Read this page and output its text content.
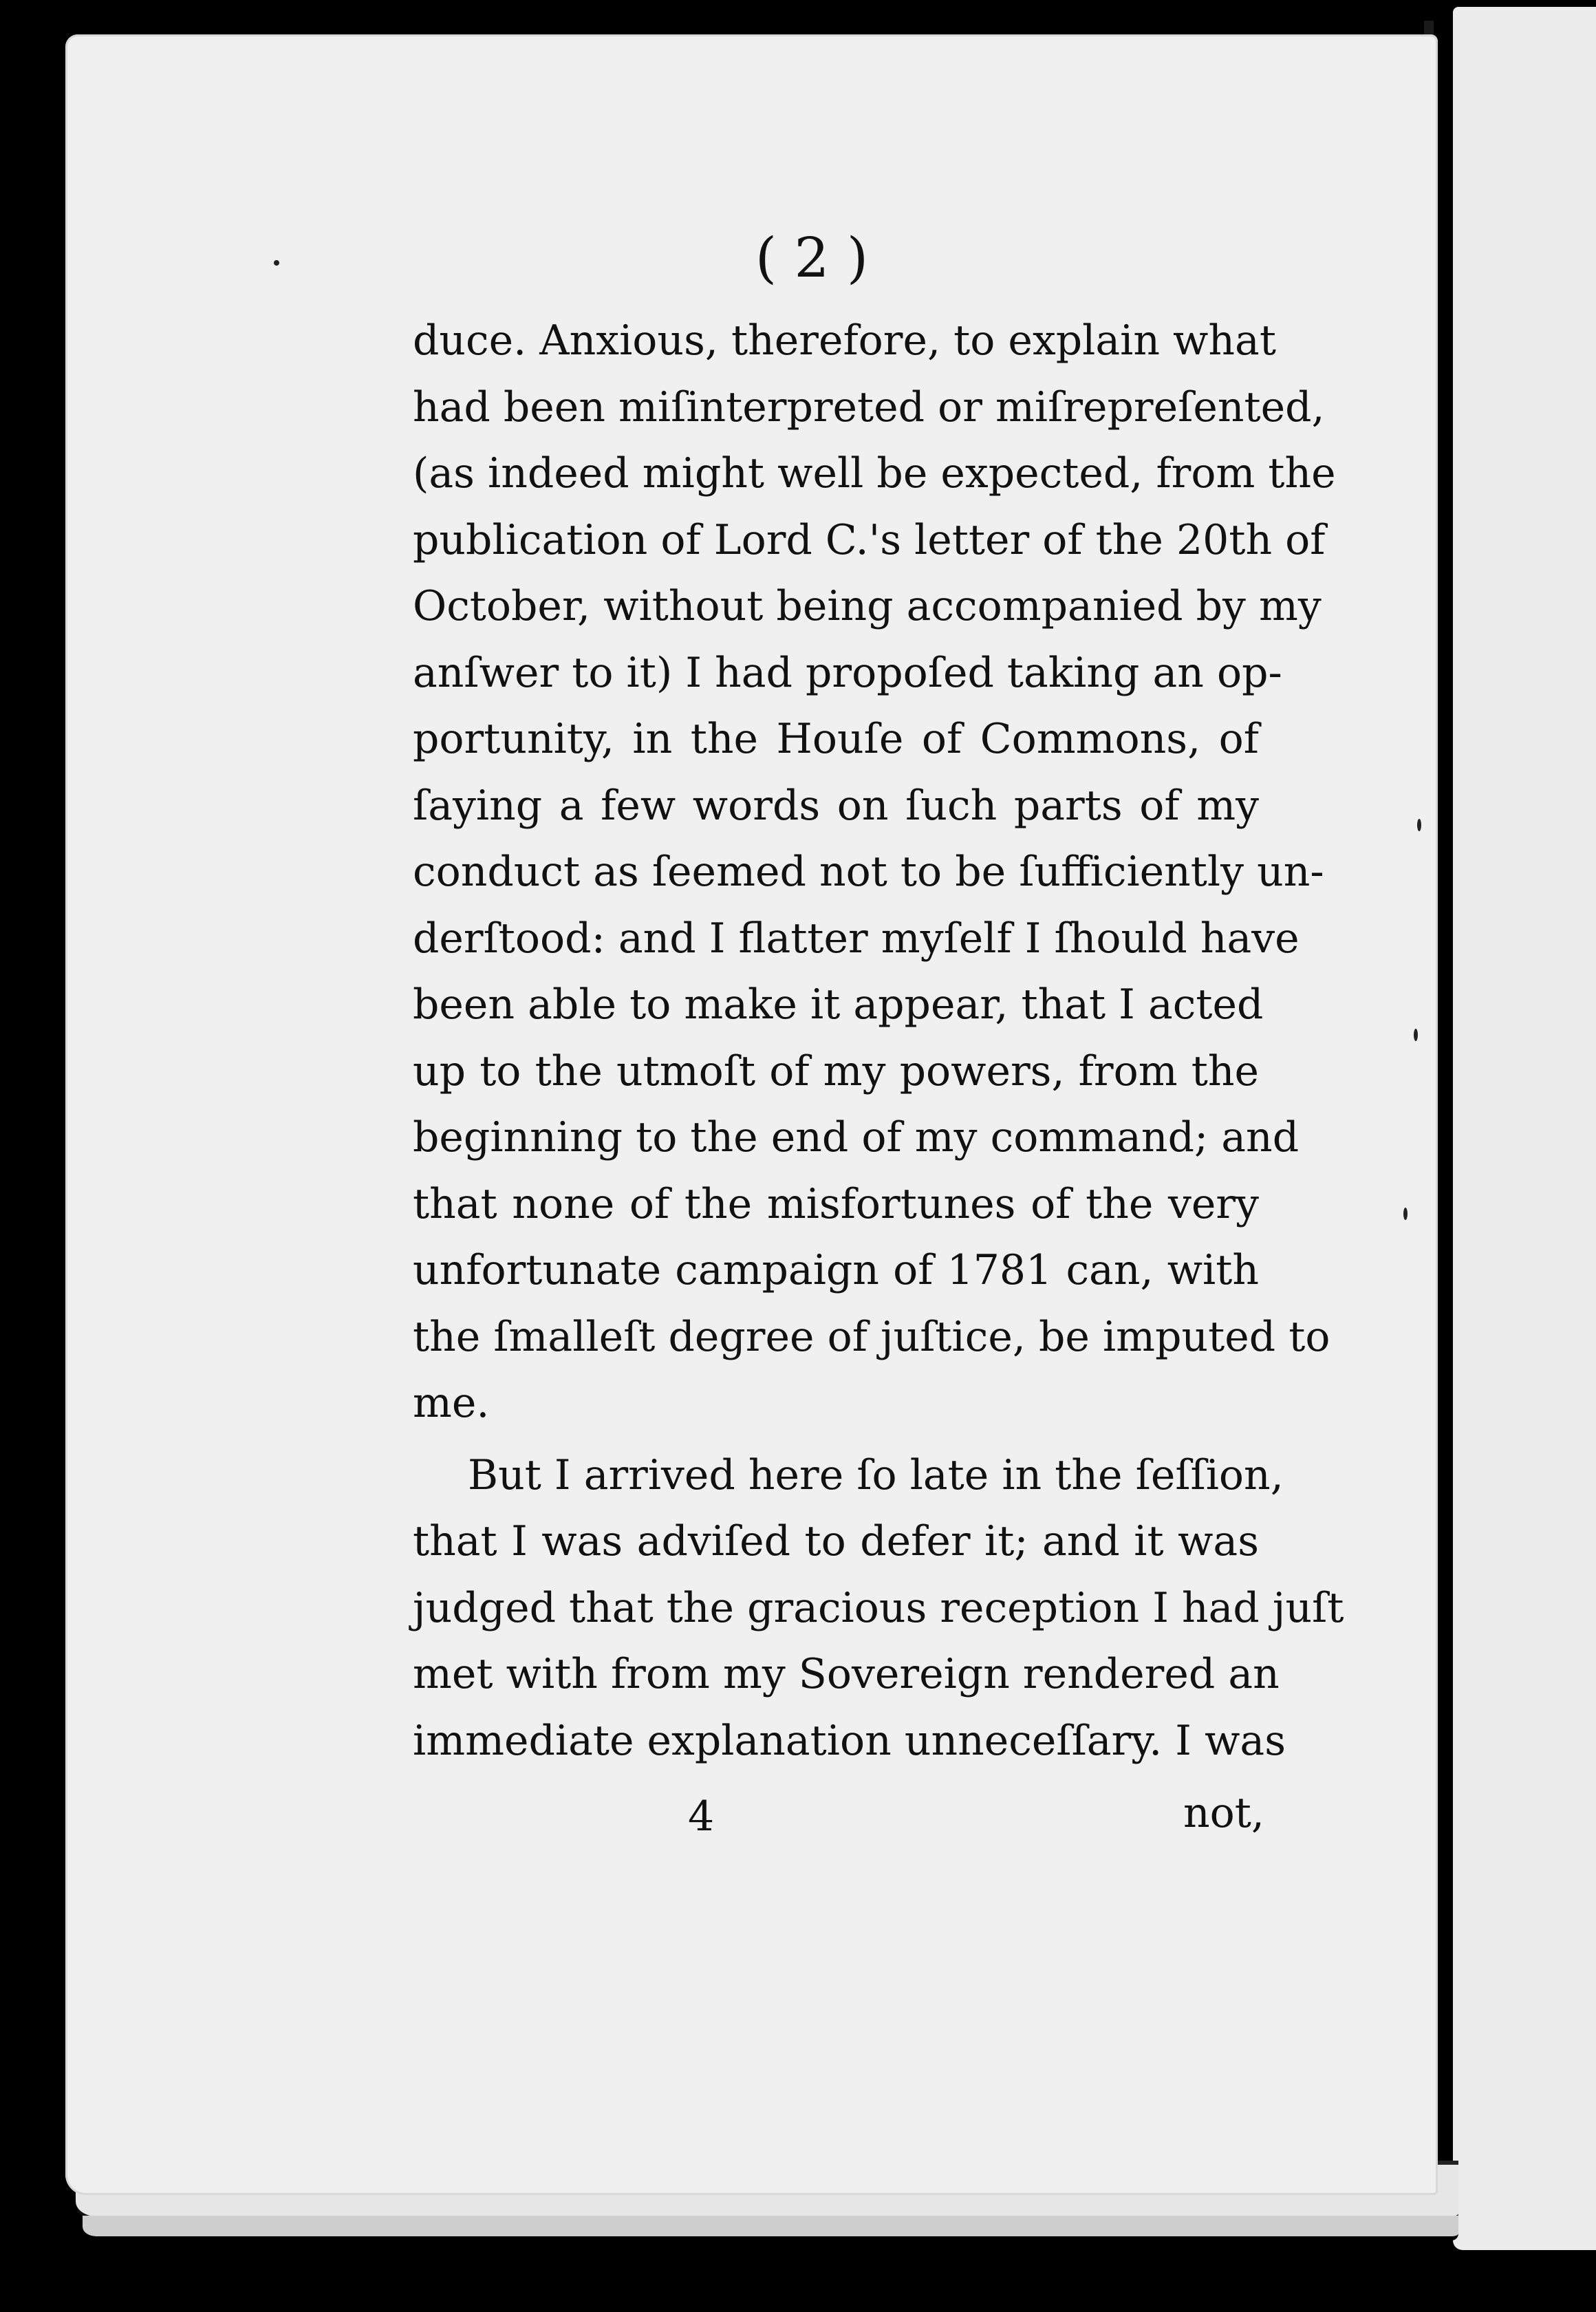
( 2 )
duce. Anxious, therefore, to explain what
had been miſinterpreted or miſrepreſented,
(as indeed might well be expected, from the
publication of Lord C.'s letter of the 20th of
October, without being accompanied by my
anſwer to it) I had propoſed taking an op-
portunity, in the Houſe of Commons, of
ſaying a few words on ſuch parts of my
conduct as ſeemed not to be ſufficiently un-
derſtood: and I flatter myſelf I ſhould have
been able to make it appear, that I acted
up to the utmoſt of my powers, from the
beginning to the end of my command; and
that none of the misfortunes of the very
unfortunate campaign of 1781 can, with
the ſmalleſt degree of juſtice, be imputed to
me.
But I arrived here ſo late in the ſeſſion,
that I was adviſed to defer it; and it was
judged that the gracious reception I had juſt
met with from my Sovereign rendered an
immediate explanation unneceſſary. I was
4	not,
